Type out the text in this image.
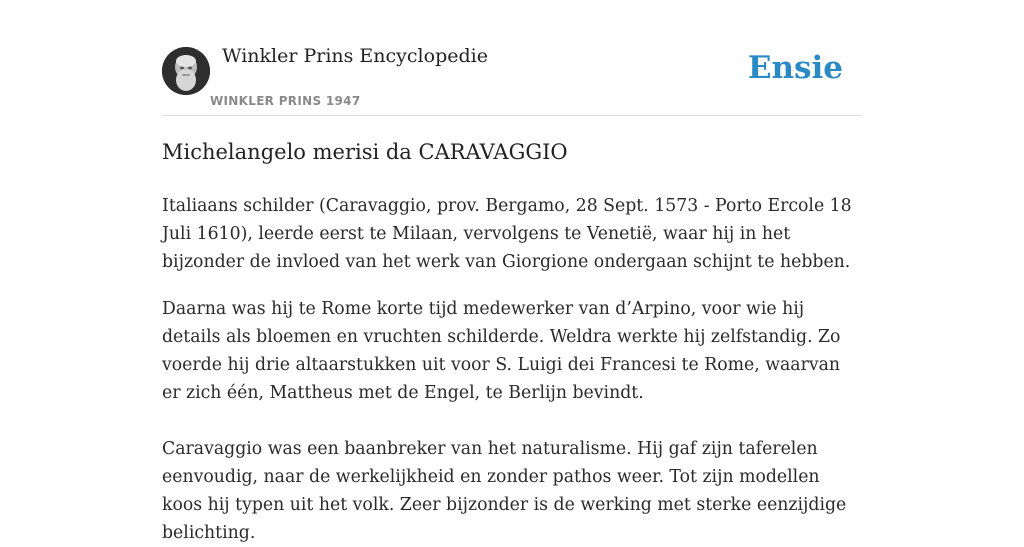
Winkler Prins Encyclopedie
WINKLER PRINS 1947
Ensie
Michelangelo merisi da CARAVAGGIO

Italiaans schilder (Caravaggio, prov. Bergamo, 28 Sept. 1573 - Porto Ercole 18 Juli 1610), leerde eerst te Milaan, vervolgens te Venetië, waar hij in het bijzonder de invloed van het werk van Giorgione ondergaan schijnt te hebben.

Daarna was hij te Rome korte tijd medewerker van d’Arpino, voor wie hij details als bloemen en vruchten schilderde. Weldra werkte hij zelfstandig. Zo voerde hij drie altaarstukken uit voor S. Luigi dei Francesi te Rome, waarvan er zich één, Mattheus met de Engel, te Berlijn bevindt.

Caravaggio was een baanbreker van het naturalisme. Hij gaf zijn taferelen eenvoudig, naar de werkelijkheid en zonder pathos weer. Tot zijn modellen koos hij typen uit het volk. Zeer bijzonder is de werking met sterke eenzijdige belichting.
